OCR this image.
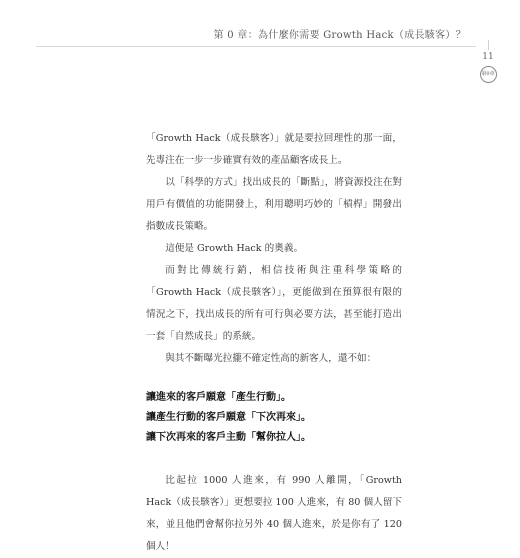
第 0 章：為什麼你需要 Growth Hack（成長駭客）？
11
第0章

「Growth Hack（成長駭客）」就是要拉回理性的那一面，先專注在一步一步確實有效的產品顧客成長上。

以「科學的方式」找出成長的「斷點」，將資源投注在對用戶有價值的功能開發上，利用聰明巧妙的「槓桿」開發出指數成長策略。

這便是 Growth Hack 的奧義。

而對比傳統行銷，相信技術與注重科學策略的「Growth Hack（成長駭客）」，更能做到在預算很有限的情況之下，找出成長的所有可行與必要方法，甚至能打造出一套「自然成長」的系統。

與其不斷曝光拉攏不確定性高的新客人，還不如：

讓進來的客戶願意「產生行動」。
讓產生行動的客戶願意「下次再來」。
讓下次再來的客戶主動「幫你拉人」。

比起拉 1000 人進來，有 990 人離開，「Growth Hack（成長駭客）」更想要拉 100 人進來，有 80 個人留下來，並且他們會幫你拉另外 40 個人進來，於是你有了 120 個人！
